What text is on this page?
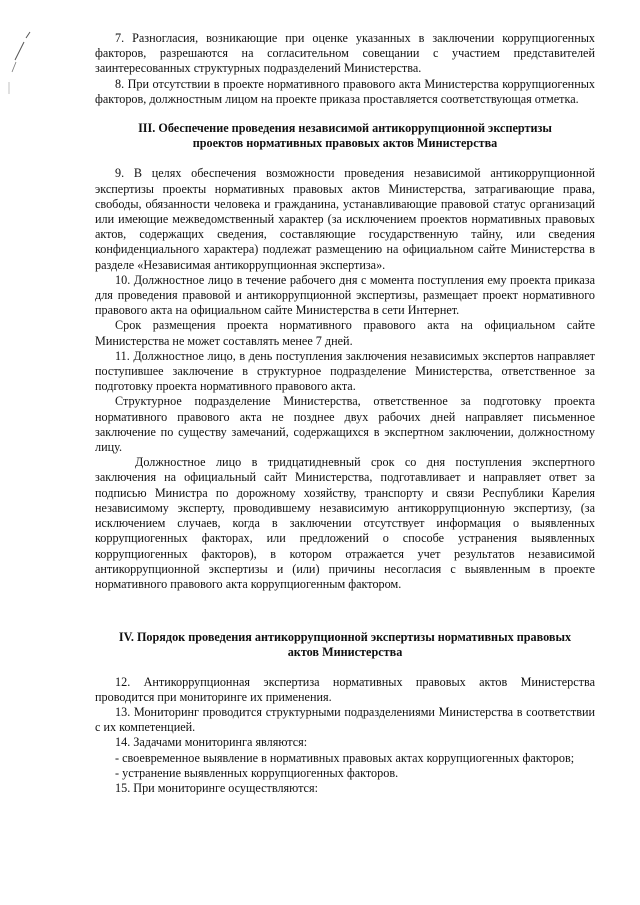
7. Разногласия, возникающие при оценке указанных в заключении коррупциогенных факторов, разрешаются на согласительном совещании с участием представителей заинтересованных структурных подразделений Министерства.

8. При отсутствии в проекте нормативного правового акта Министерства коррупциогенных факторов, должностным лицом на проекте приказа проставляется соответствующая отметка.

III. Обеспечение проведения независимой антикоррупционной экспертизы проектов нормативных правовых актов Министерства

9. В целях обеспечения возможности проведения независимой антикоррупционной экспертизы проекты нормативных правовых актов Министерства, затрагивающие права, свободы, обязанности человека и гражданина, устанавливающие правовой статус организаций или имеющие межведомственный характер (за исключением проектов нормативных правовых актов, содержащих сведения, составляющие государственную тайну, или сведения конфиденциального характера) подлежат размещению на официальном сайте Министерства в разделе «Независимая антикоррупционная экспертиза».

10. Должностное лицо в течение рабочего дня с момента поступления ему проекта приказа для проведения правовой и антикоррупционной экспертизы, размещает проект нормативного правового акта на официальном сайте Министерства в сети Интернет.

Срок размещения проекта нормативного правового акта на официальном сайте Министерства не может составлять менее 7 дней.

11. Должностное лицо, в день поступления заключения независимых экспертов направляет поступившее заключение в структурное подразделение Министерства, ответственное за подготовку проекта нормативного правового акта.

Структурное подразделение Министерства, ответственное за подготовку проекта нормативного правового акта не позднее двух рабочих дней направляет письменное заключение по существу замечаний, содержащихся в экспертном заключении, должностному лицу.

Должностное лицо в тридцатидневный срок со дня поступления экспертного заключения на официальный сайт Министерства, подготавливает и направляет ответ за подписью Министра по дорожному хозяйству, транспорту и связи Республики Карелия независимому эксперту, проводившему независимую антикоррупционную экспертизу, (за исключением случаев, когда в заключении отсутствует информация о выявленных коррупциогенных факторах, или предложений о способе устранения выявленных коррупциогенных факторов), в котором отражается учет результатов независимой антикоррупционной экспертизы и (или) причины несогласия с выявленным в проекте нормативного правового акта коррупциогенным фактором.

IV. Порядок проведения антикоррупционной экспертизы нормативных правовых актов Министерства

12. Антикоррупционная экспертиза нормативных правовых актов Министерства проводится при мониторинге их применения.

13. Мониторинг проводится структурными подразделениями Министерства в соответствии с их компетенцией.

14. Задачами мониторинга являются:

- своевременное выявление в нормативных правовых актах коррупциогенных факторов;

- устранение выявленных коррупциогенных факторов.

15. При мониторинге осуществляются:
